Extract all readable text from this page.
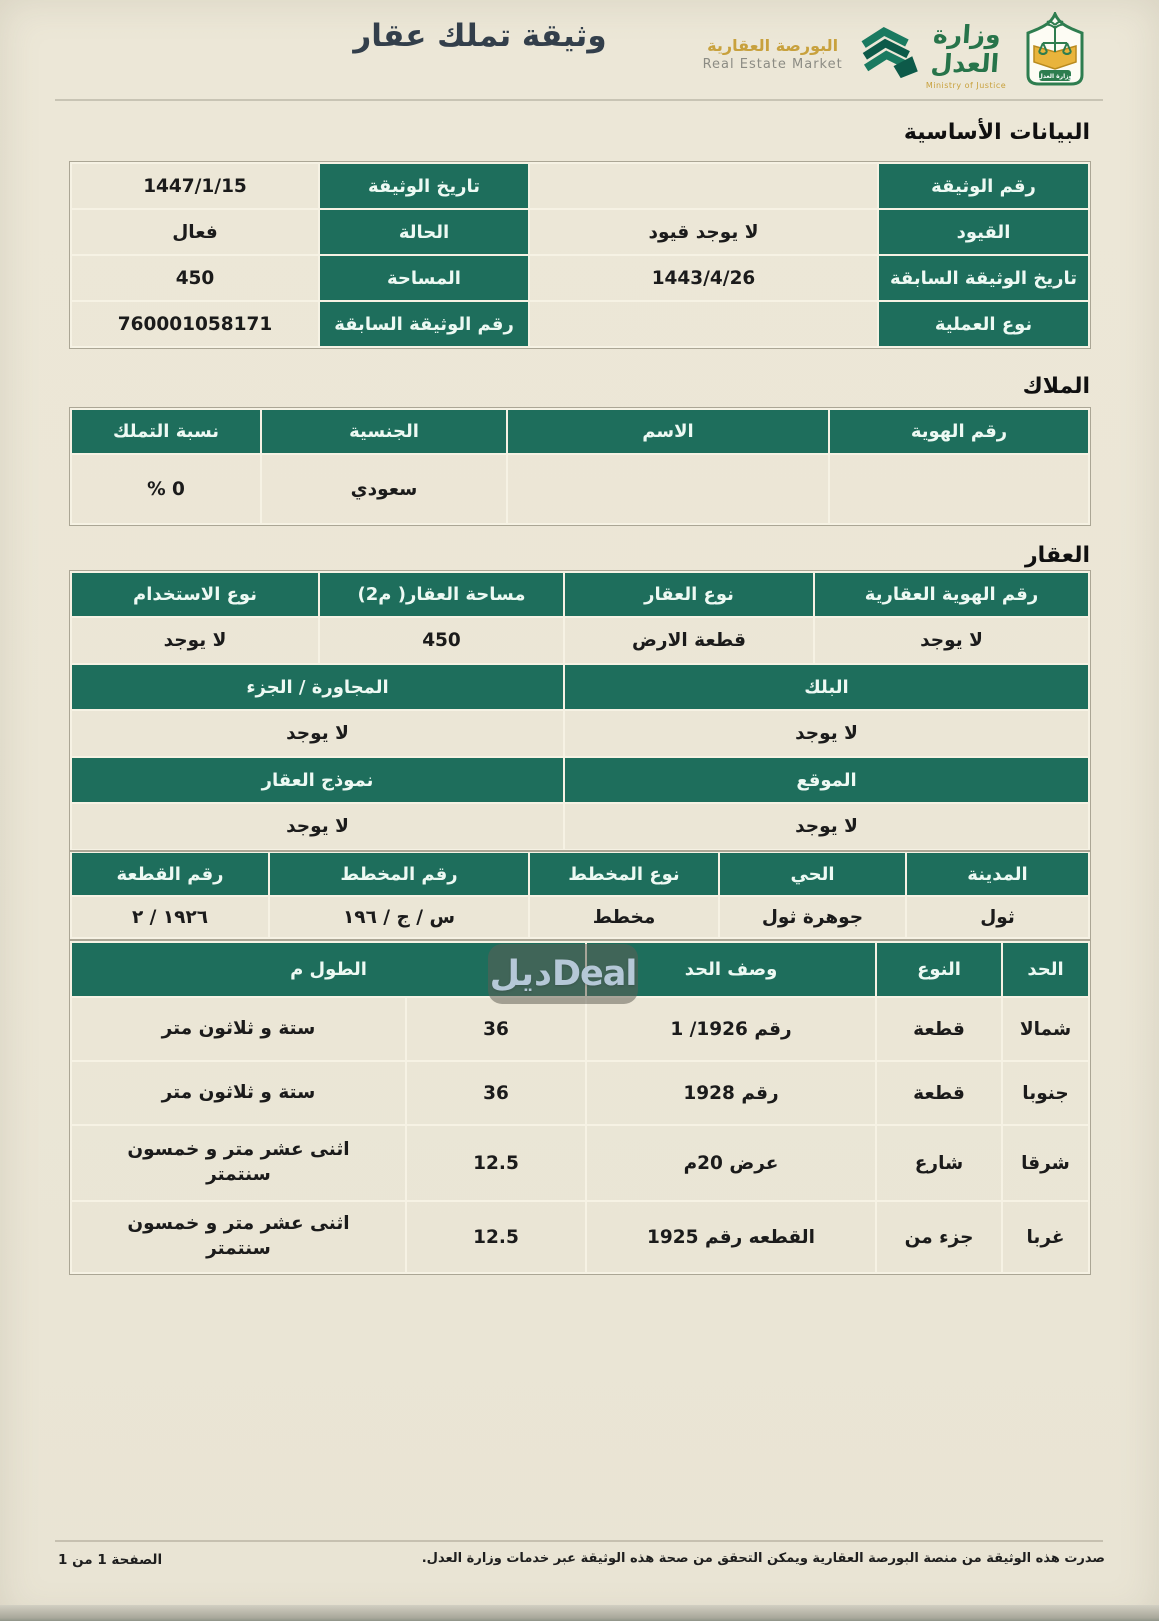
وثيقة تملك عقار	البورصة العقارية
Real Estate Market
وزارة العدل
Ministry of Justice
وزارة العدل
البيانات الأساسية
رقم الوثيقة		تاريخ الوثيقة	1447/1/15
القيود	لا يوجد قيود	الحالة	فعال
تاريخ الوثيقة السابقة	1443/4/26	المساحة	450
نوع العملية		رقم الوثيقة السابقة	760001058171
الملاك
رقم الهوية	الاسم	الجنسية	نسبة التملك
		سعودي	0 %
العقار
رقم الهوية العقارية	نوع العقار	مساحة العقار( م2)	نوع الاستخدام
لا يوجد	قطعة الارض	450	لا يوجد
البلك		المجاورة / الجزء	
لا يوجد		لا يوجد	
الموقع		نموذج العقار	
لا يوجد		لا يوجد	
المدينة	الحي	نوع المخطط	رقم المخطط	رقم القطعة
ثول	جوهرة ثول	مخطط	س / ج / ١٩٦	١٩٢٦ / ٢
الحد	النوع	وصف الحد	الطول م	
شمالا	قطعة	رقم 1926/ 1	36	ستة و ثلاثون متر
جنوبا	قطعة	رقم 1928	36	ستة و ثلاثون متر
شرقا	شارع	عرض 20م	12.5	اثنى عشر متر و خمسون سنتمتر
غربا	جزء من	القطعه رقم 1925	12.5	اثنى عشر متر و خمسون سنتمتر
ديلDeal
صدرت هذه الوثيقة من منصة البورصة العقارية ويمكن التحقق من صحة هذه الوثيقة عبر خدمات وزارة العدل.
الصفحة 1 من 1
